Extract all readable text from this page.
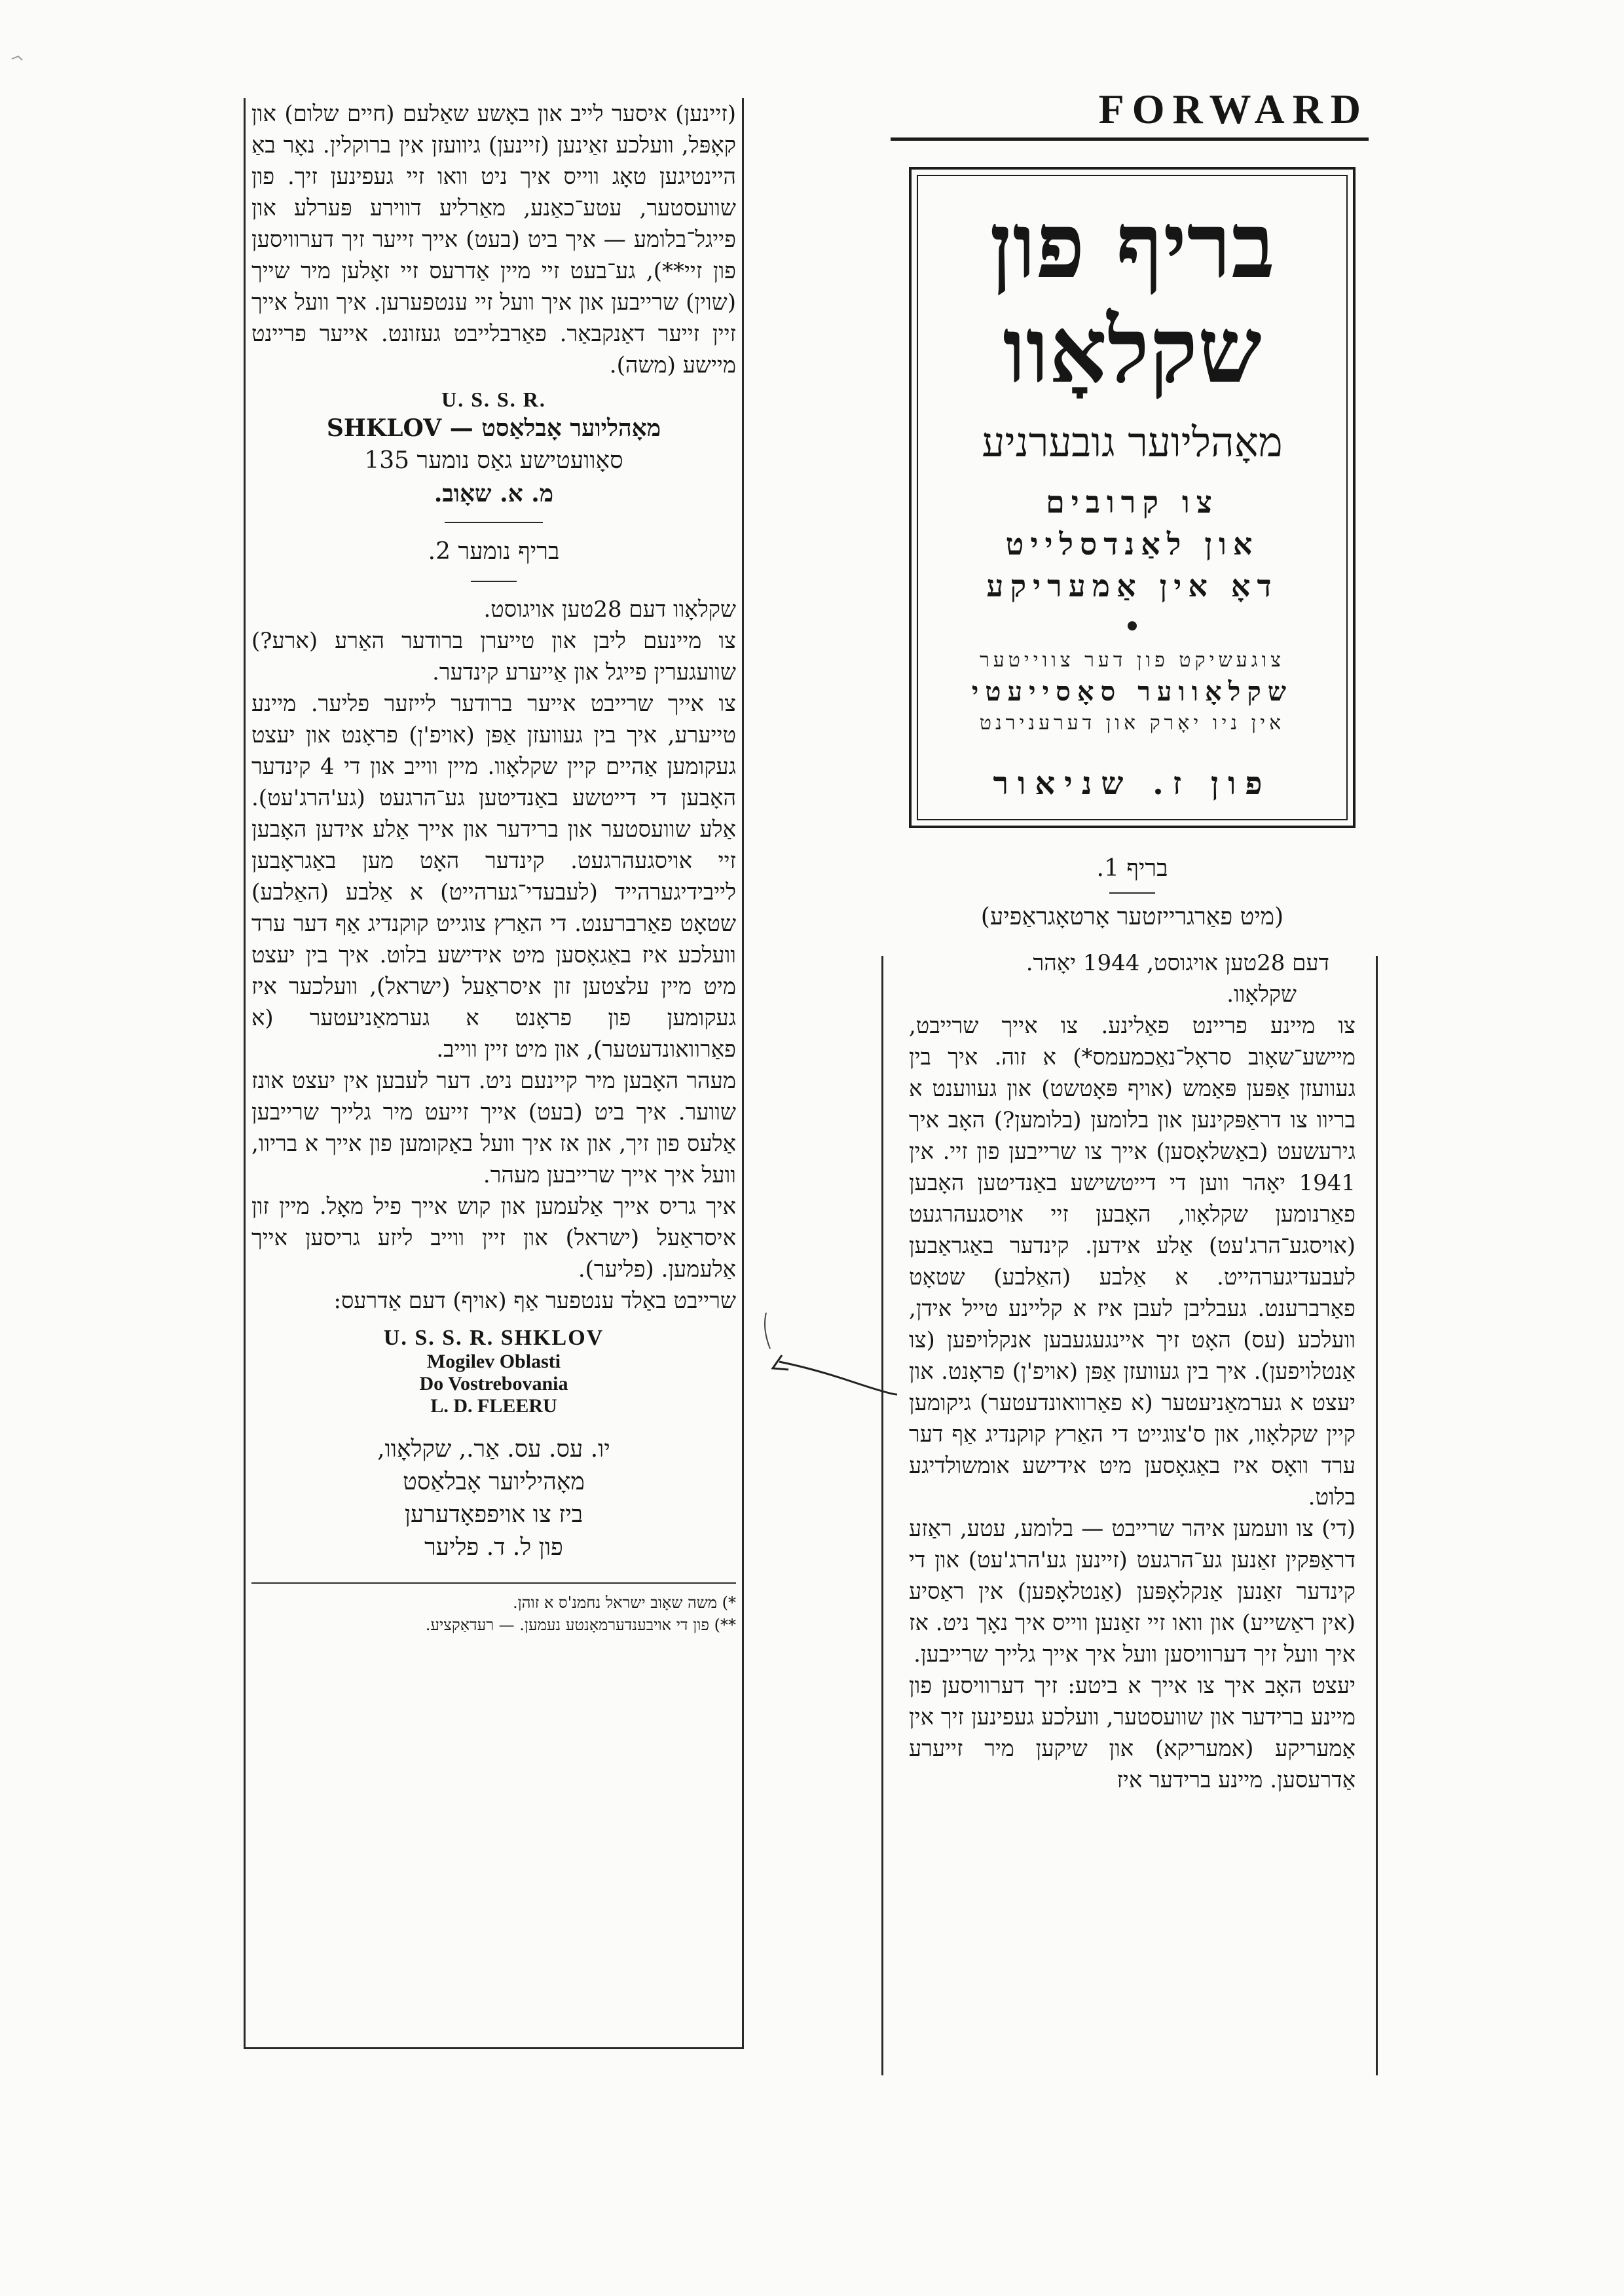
(זיינען) איסער לייב און באָשע שאַלעם (חיים שלום) און קאָפּל, וועלכע זאַינען (זיינען) גיוועזן אין ברוקלין. נאָר באַ היינטיגען טאָג ווייס איך ניט וואו זיי געפינען זיך. פון שוועסטער, עטע־כאַנע, מאַרליע דווירע פּערלע און פייגל־בלומע — איך ביט (בעט) אייך זייער זיך דערוויסען פון זיי**), גע־בעט זיי מיין אַדרעס זיי זאָלען מיר שייך (שוין) שרייבען און איך וועל זיי ענטפערען. איך וועל אייך זיין זייער דאַנקבאַר. פאַרבלייבט געזונט. אייער פריינט מיישע (משה).

U. S. S. R.

מאָהליוער אָבלאַסט — SHKLOV

סאָוועטישע גאַס נומער 135

מ. א. שאָוב.

בריף נומער 2.

שקלאָוו דעם 28טען אויגוסט.

צו מיינעם ליבן און טייערן ברודער האַרע (ארע?) שוועגערין פייגל און אַייערע קינדער.

צו אייך שרייבט אייער ברודער לייזער פליער. מיינע טייערע, איך בין געוועזן אַפּן (אויפ'ן) פראָנט און יעצט געקומען אַהיים קיין שקלאָוו. מיין ווייב און די 4 קינדער האָבען די דייטשע באַנדיטען גע־הרגעט (גע'הרג'עט). אַלע שוועסטער און ברידער און אייך אַלע אידען האָבען זיי אויסגעהרגעט. קינדער האָט מען באַגראָבען לייבידיגערהייד (לעבעדי־גערהייט) א אַלבע (האַלבע) שטאָט פאַרברענט. די האַרץ צוגייט קוקנדיג אַף דער ערד וועלכע איז באַגאָסען מיט אידישע בלוט. איך בין יעצט מיט מיין עלצטען זון איסראַעל (ישראל), וועלכער איז געקומען פון פראָנט א גערמאַניעטער (א פאַרוואונדעטער), און מיט זיין ווייב.

מעהר האָבען מיר קיינעם ניט. דער לעבען אין יעצט אונז שווער. איך ביט (בעט) אייך זייעט מיר גלייך שרייבען אַלעס פון זיך, און אז איך וועל באַקומען פון אייך א בריוו, וועל איך אייך שרייבען מעהר.

איך גריס אייך אַלעמען און קוש אייך פיל מאָל. מיין זון איסראַעל (ישראל) און זיין ווייב ליזע גריסען אייך אַלעמען. (פליער).

שרייבט באַלד ענטפער אַף (אויף) דעם אַדרעס:

U. S. S. R. SHKLOV

Mogilev Oblasti

Do Vostrebovania

L. D. FLEERU

יו. עס. עס. אַר., שקלאָוו,

מאָהיליוער אָבלאַסט

ביז צו אויפפאָדערען

פון ל. ד. פליער

*) משה שאָוב ישראל נחמנ'ס א זוהן.

**) פון די אויבענדערמאָנטע נעמען. — רעדאַקציע.

FORWARD

בריף פון

שקלאָוו

מאָהליוער גובערניע

צו קרובים

און לאַנדסלייט

דאָ אין אַמעריקע

צוגעשיקט פון דער צווייטער

שקלאָווער סאָסייעטי

אין ניו יאָרק און דערענירנט

פון ז. שניאור

בריף 1.

(מיט פאַרגרייזטער אָרטאָגראַפיע)

דעם 28טען אויגוסט, 1944 יאָהר.

שקלאָוו.

צו מיינע פריינט פאַלינע. צו אייך שרייבט, מיישע־שאָוב סראָל־נאַכמעמס*) א זוה. איך בין געוועזן אַפּען פּאַמש (אויף פּאָטשט) און געווענט א בריוו צו דראַפּקינען און בלומען (בלומען?) האָב איך גירעשעט (באַשלאָסען) אייך צו שרייבען פון זיי. אין 1941 יאָהר ווען די דייטשישע באַנדיטען האָבען פאַרנומען שקלאָוו, האָבען זיי אויסגעהרגעט (אויסגע־הרג'עט) אַלע אידען. קינדער באַגראַבען לעבעדיגערהייט. א אַלבע (האַלבע) שטאָט פאַרברענט. געבליבן לעבן איז א קליינע טייל אידן, וועלכע (עס) האָט זיך איינגעגעבען אנקלויפען (צו אַנטלויפען). איך בין געוועזן אַפּן (אויפ'ן) פראָנט. און יעצט א גערמאַניעטער (א פאַרוואונדעטער) גיקומען קיין שקלאָוו, און ס'צוגייט די האַרץ קוקנדיג אַף דער ערד וואָס איז באַגאָסען מיט אידישע אומשולדיגע בלוט.

(די) צו וועמען איהר שרייבט — בלומע, עטע, ראַזע דראַפּקין זאַנען גע־הרגעט (זיינען גע'הרג'עט) און די קינדער זאַנען אַנקלאָפּען (אַנטלאָפען) אין ראַסיע (אין ראַשייע) און וואו זיי זאַנען ווייס איך נאָך ניט. אז איך וועל זיך דערוויסען וועל איך אייך גלייך שרייבען.

יעצט האָב איך צו אייך א ביטע: זיך דערוויסען פון מיינע ברידער און שוועסטער, וועלכע געפינען זיך אין אַמעריקע (אמעריקא) און שיקען מיר זייערע אַדרעסען. מיינע ברידער איז
